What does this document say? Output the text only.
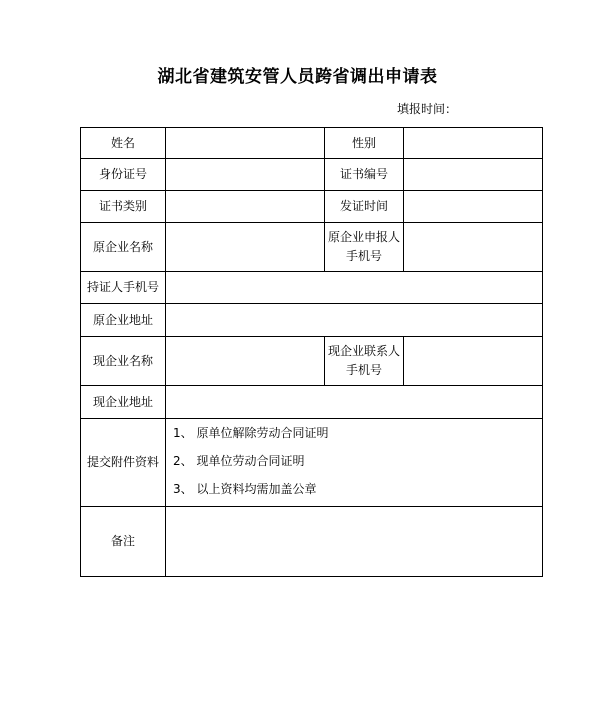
湖北省建筑安管人员跨省调出申请表
填报时间：
姓名		性别	
身份证号		证书编号	
证书类别		发证时间	
原企业名称		原企业申报人手机号	
持证人手机号			
原企业地址			
现企业名称		现企业联系人手机号	
现企业地址			
提交附件资料	1、 原单位解除劳动合同证明
2、 现单位劳动合同证明
3、 以上资料均需加盖公章		

备注			
